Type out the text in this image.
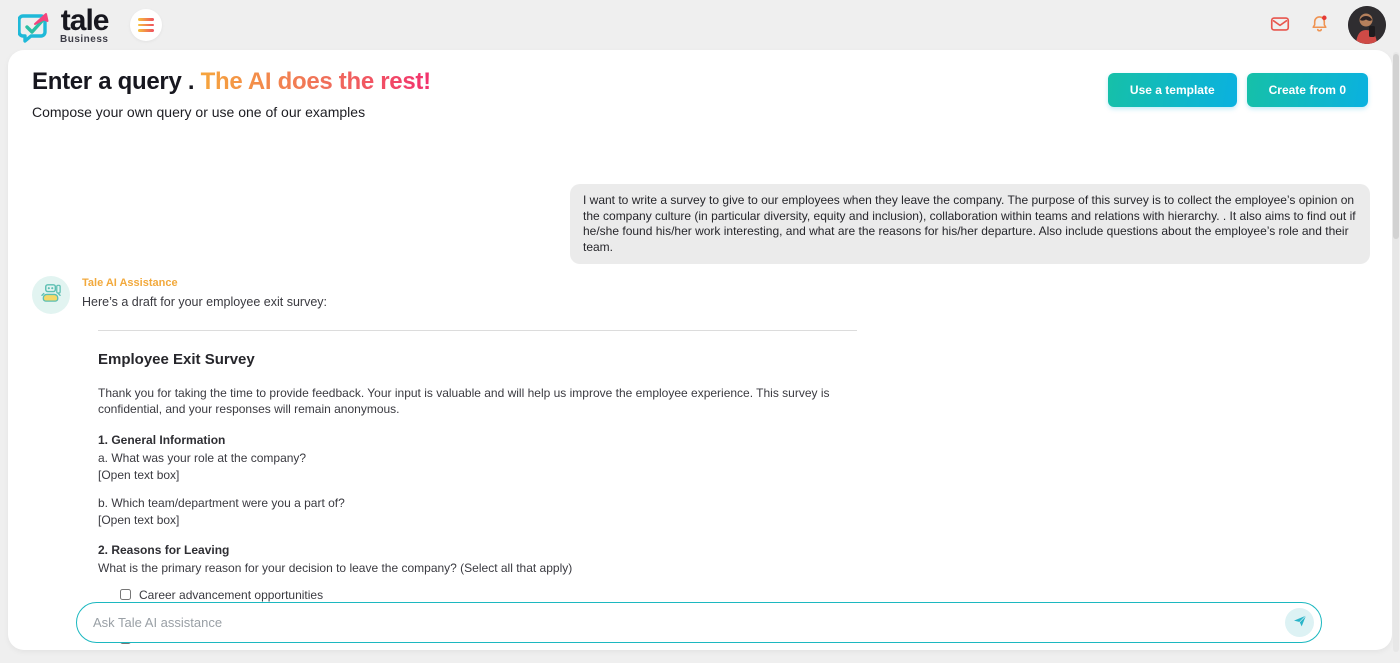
tale
Business
Enter a query . The AI does the rest!
Compose your own query or use one of our examples
Use a template	Create from 0
I want to write a survey to give to our employees when they leave the company. The purpose of this survey is to collect the employee’s opinion on the company culture (in particular diversity, equity and inclusion), collaboration within teams and relations with hierarchy. . It also aims to find out if he/she found his/her work interesting, and what are the reasons for his/her departure. Also include questions about the employee’s role and their team.
Tale AI Assistance
Here’s a draft for your employee exit survey:
Employee Exit Survey
Thank you for taking the time to provide feedback. Your input is valuable and will help us improve the employee experience. This survey is confidential, and your responses will remain anonymous.
1. General Information
a. What was your role at the company?
[Open text box]
b. Which team/department were you a part of?
[Open text box]
2. Reasons for Leaving
What is the primary reason for your decision to leave the company? (Select all that apply)
Career advancement opportunities
Ask Tale AI assistance
